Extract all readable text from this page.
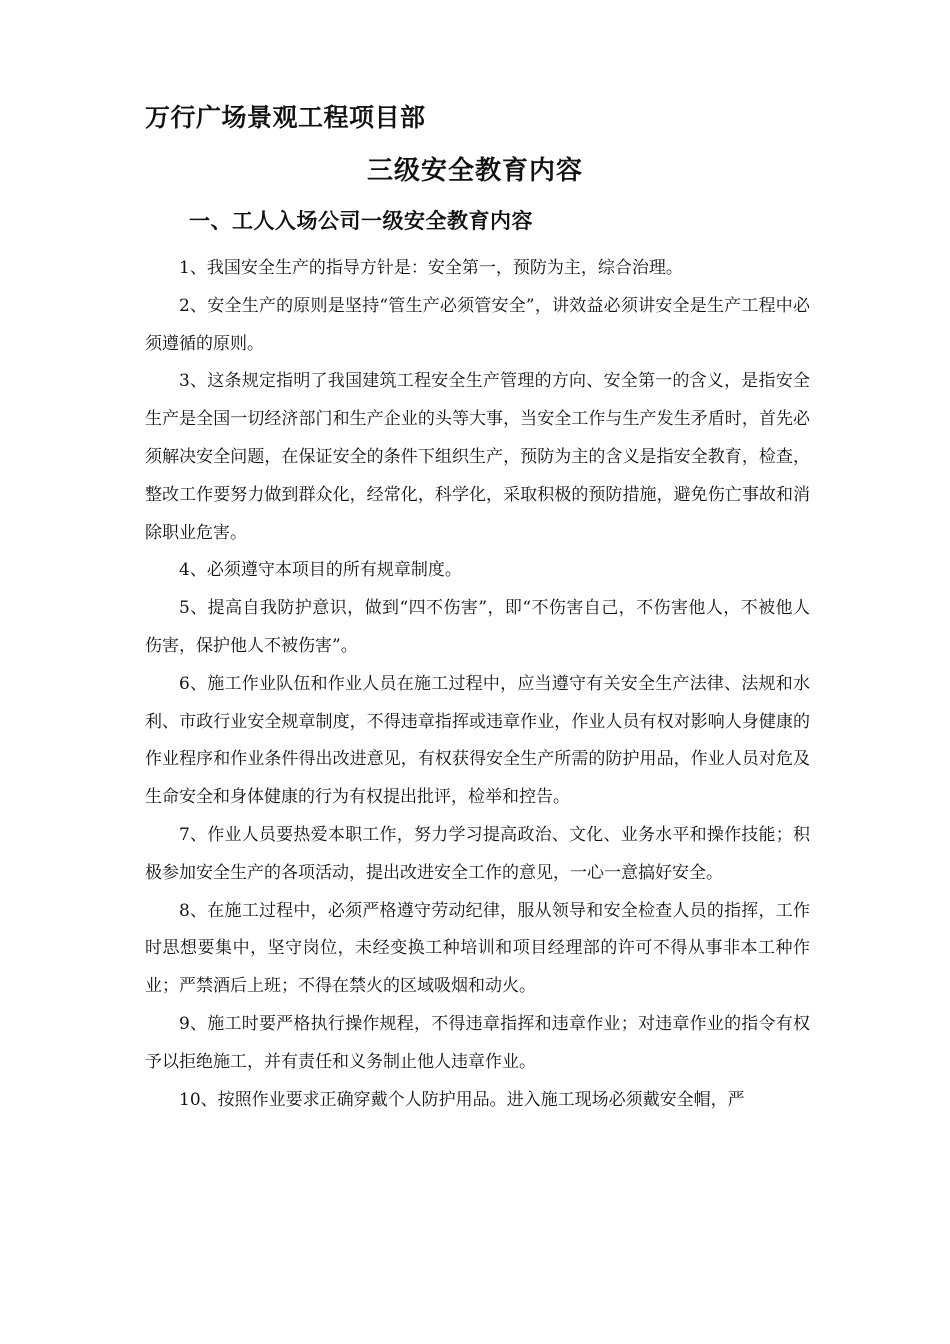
万行广场景观工程项目部
三级安全教育内容
一、工人入场公司一级安全教育内容

1、我国安全生产的指导方针是：安全第一，预防为主，综合治理。

2、安全生产的原则是坚持“管生产必须管安全”，讲效益必须讲安全是生产工程中必须遵循的原则。

3、这条规定指明了我国建筑工程安全生产管理的方向、安全第一的含义，是指安全生产是全国一切经济部门和生产企业的头等大事，当安全工作与生产发生矛盾时，首先必须解决安全问题，在保证安全的条件下组织生产，预防为主的含义是指安全教育，检查，整改工作要努力做到群众化，经常化，科学化，采取积极的预防措施，避免伤亡事故和消除职业危害。

4、必须遵守本项目的所有规章制度。

5、提高自我防护意识，做到“四不伤害”，即“不伤害自己，不伤害他人，不被他人伤害，保护他人不被伤害”。

6、施工作业队伍和作业人员在施工过程中，应当遵守有关安全生产法律、法规和水利、市政行业安全规章制度，不得违章指挥或违章作业，作业人员有权对影响人身健康的作业程序和作业条件得出改进意见，有权获得安全生产所需的防护用品，作业人员对危及生命安全和身体健康的行为有权提出批评，检举和控告。

7、作业人员要热爱本职工作，努力学习提高政治、文化、业务水平和操作技能；积极参加安全生产的各项活动，提出改进安全工作的意见，一心一意搞好安全。

8、在施工过程中，必须严格遵守劳动纪律，服从领导和安全检查人员的指挥，工作时思想要集中，坚守岗位，未经变换工种培训和项目经理部的许可不得从事非本工种作业；严禁酒后上班；不得在禁火的区域吸烟和动火。

9、施工时要严格执行操作规程，不得违章指挥和违章作业；对违章作业的指令有权予以拒绝施工，并有责任和义务制止他人违章作业。

10、按照作业要求正确穿戴个人防护用品。进入施工现场必须戴安全帽，严
